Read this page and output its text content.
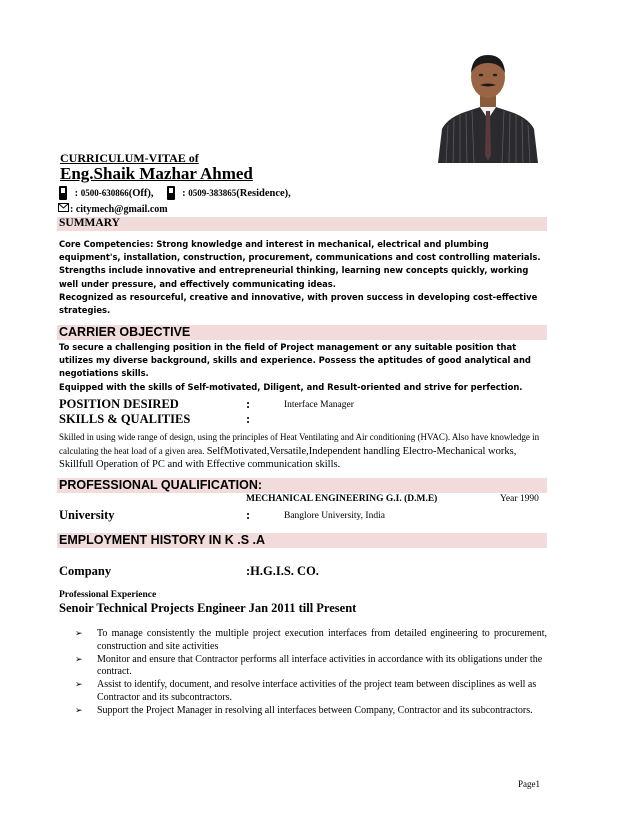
CURRICULUM-VITAE of
Eng.Shaik Mazhar Ahmed
: 0500-630866 (Off), : 0509-383865 (Residence),
: citymech@gmail.com
SUMMARY

Core Competencies: Strong knowledge and interest in mechanical, electrical and plumbing equipment's, installation, construction, procurement, communications and cost controlling materials.

Strengths include innovative and entrepreneurial thinking, learning new concepts quickly, working well under pressure, and effectively communicating ideas.

Recognized as resourceful, creative and innovative, with proven success in developing cost-effective strategies.

CARRIER OBJECTIVE

To secure a challenging position in the field of Project management or any suitable position that utilizes my diverse background, skills and experience. Possess the aptitudes of good analytical and negotiations skills.

Equipped with the skills of Self-motivated, Diligent, and Result-oriented and strive for perfection.

POSITION DESIRED	:	Interface Manager
SKILLS & QUALITIES	:
Skilled in using wide range of design, using the principles of Heat Ventilating and Air conditioning (HVAC). Also have knowledge in calculating the heat load of a given area. SelfMotivated,Versatile,Independent handling Electro-Mechanical works, Skillfull Operation of PC and with Effective communication skills.
PROFESSIONAL QUALIFICATION:
MECHANICAL ENGINEERING G.I. (D.M.E)	Year 1990
University	:	Banglore University, India
EMPLOYMENT HISTORY IN K .S .A
Company	:H.G.I.S. CO.
Professional Experience
Senoir Technical Projects Engineer Jan 2011 till Present
➢ To manage consistently the multiple project execution interfaces from detailed engineering to procurement, construction and site activities
➢ Monitor and ensure that Contractor performs all interface activities in accordance with its obligations under the contract.
➢ Assist to identify, document, and resolve interface activities of the project team between disciplines as well as Contractor and its subcontractors.
➢ Support the Project Manager in resolving all interfaces between Company, Contractor and its subcontractors.
Page1
